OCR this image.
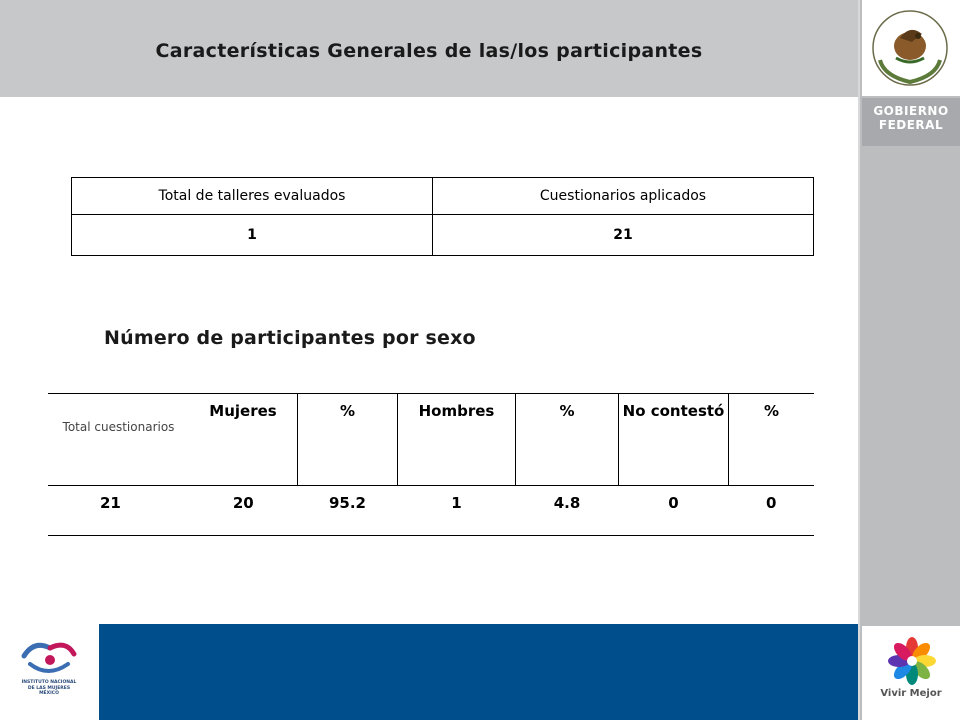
Características Generales de las/los participantes
GOBIERNO
FEDERAL
Vivir Mejor
INSTITUTO NACIONAL
DE LAS MUJERES
MÉXICO
Total de talleres evaluados	Cuestionarios aplicados
1	21
Número de participantes por sexo
Total cuestionarios	Mujeres	%	Hombres	%	No contestó	%
21	20	95.2	1	4.8	0	0
